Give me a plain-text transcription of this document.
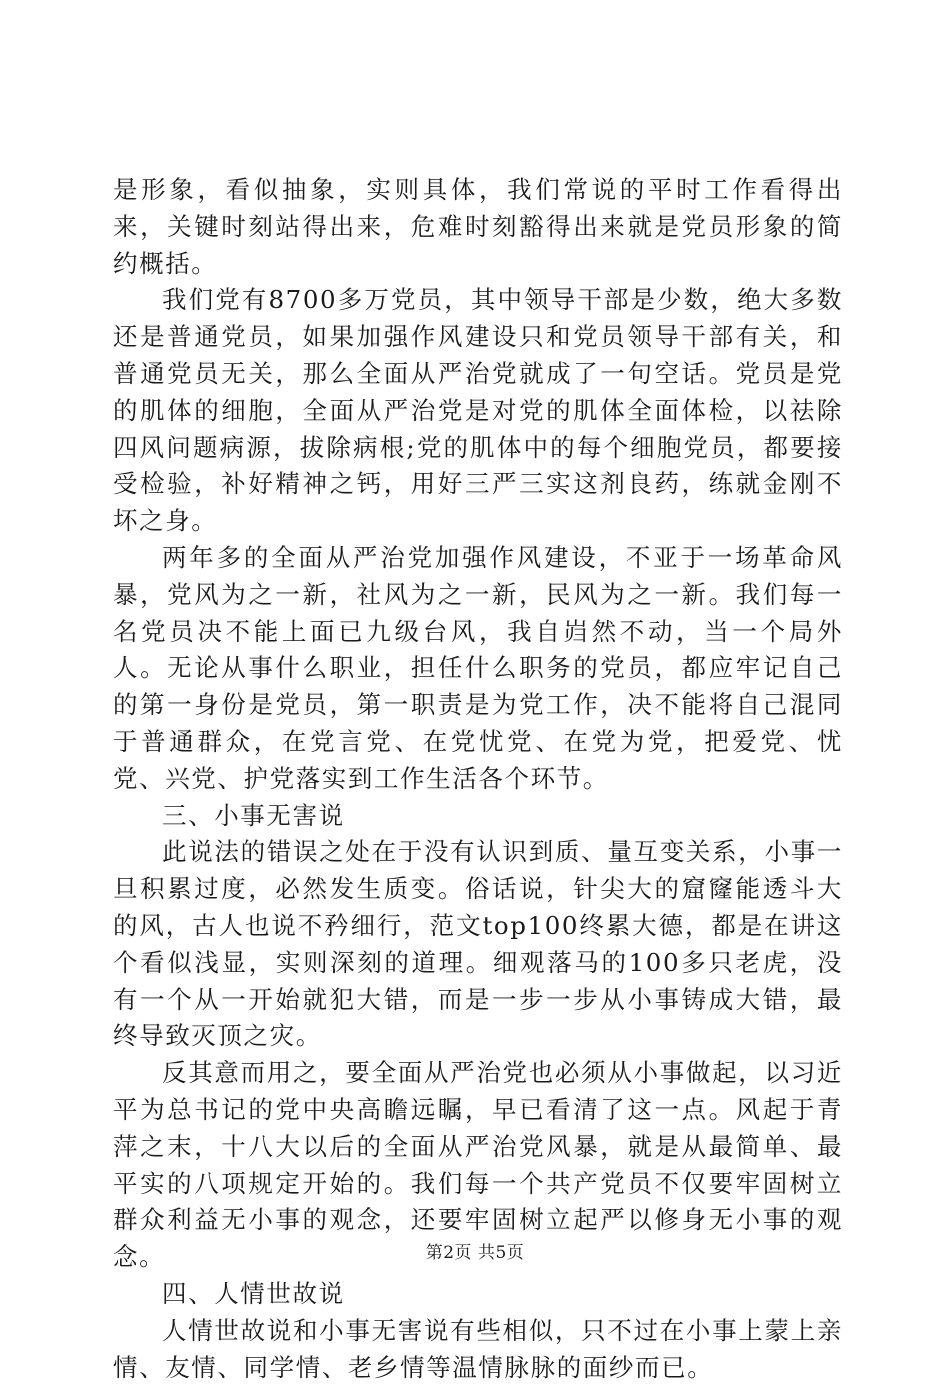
是形象，看似抽象，实则具体，我们常说的平时工作看得出来，关键时刻站得出来，危难时刻豁得出来就是党员形象的简约概括。

我们党有8700多万党员，其中领导干部是少数，绝大多数还是普通党员，如果加强作风建设只和党员领导干部有关，和普通党员无关，那么全面从严治党就成了一句空话。党员是党的肌体的细胞，全面从严治党是对党的肌体全面体检，以祛除四风问题病源，拔除病根;党的肌体中的每个细胞党员，都要接受检验，补好精神之钙，用好三严三实这剂良药，练就金刚不坏之身。

两年多的全面从严治党加强作风建设，不亚于一场革命风暴，党风为之一新，社风为之一新，民风为之一新。我们每一名党员决不能上面已九级台风，我自岿然不动，当一个局外人。无论从事什么职业，担任什么职务的党员，都应牢记自己的第一身份是党员，第一职责是为党工作，决不能将自己混同于普通群众，在党言党、在党忧党、在党为党，把爱党、忧党、兴党、护党落实到工作生活各个环节。

三、小事无害说

此说法的错误之处在于没有认识到质、量互变关系，小事一旦积累过度，必然发生质变。俗话说，针尖大的窟窿能透斗大的风，古人也说不矜细行，范文top100终累大德，都是在讲这个看似浅显，实则深刻的道理。细观落马的100多只老虎，没有一个从一开始就犯大错，而是一步一步从小事铸成大错，最终导致灭顶之灾。

反其意而用之，要全面从严治党也必须从小事做起，以习近平为总书记的党中央高瞻远瞩，早已看清了这一点。风起于青萍之末，十八大以后的全面从严治党风暴，就是从最简单、最平实的八项规定开始的。我们每一个共产党员不仅要牢固树立群众利益无小事的观念，还要牢固树立起严以修身无小事的观念。

四、人情世故说

人情世故说和小事无害说有些相似，只不过在小事上蒙上亲情、友情、同学情、老乡情等温情脉脉的面纱而已。

第2页 共5页
